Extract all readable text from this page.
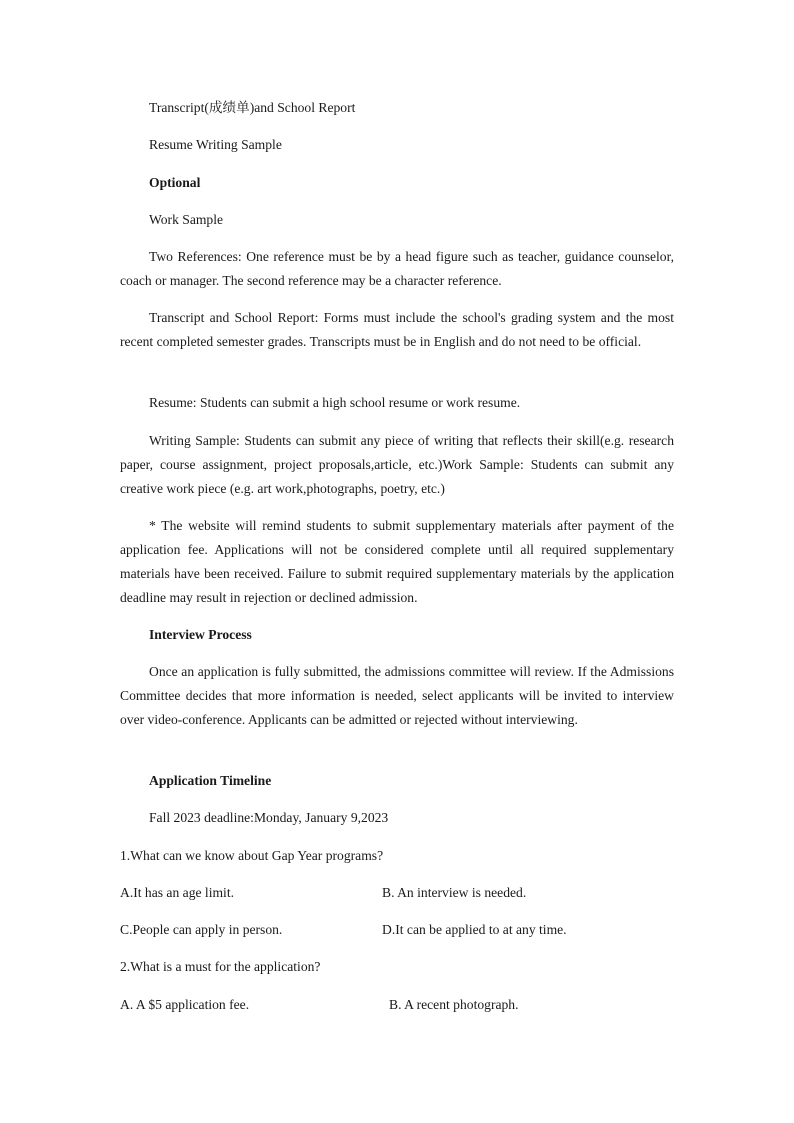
Transcript(成绩单)and School Report

Resume Writing Sample

Optional

Work Sample

Two References: One reference must be by a head figure such as teacher, guidance counselor, coach or manager. The second reference may be a character reference.

Transcript and School Report: Forms must include the school's grading system and the most recent completed semester grades. Transcripts must be in English and do not need to be official.

Resume: Students can submit a high school resume or work resume.

Writing Sample: Students can submit any piece of writing that reflects their skill(e.g. research paper, course assignment, project proposals,article, etc.)Work Sample: Students can submit any creative work piece (e.g. art work,photographs, poetry, etc.)

* The website will remind students to submit supplementary materials after payment of the application fee. Applications will not be considered complete until all required supplementary materials have been received. Failure to submit required supplementary materials by the application deadline may result in rejection or declined admission.

Interview Process

Once an application is fully submitted, the admissions committee will review. If the Admissions Committee decides that more information is needed, select applicants will be invited to interview over video-conference. Applicants can be admitted or rejected without interviewing.

Application Timeline

Fall 2023 deadline:Monday, January 9,2023

1.What can we know about Gap Year programs?

A.It has an age limit.	B. An interview is needed.
C.People can apply in person.	D.It can be applied to at any time.

2.What is a must for the application?

A. A $5 application fee.	B. A recent photograph.
